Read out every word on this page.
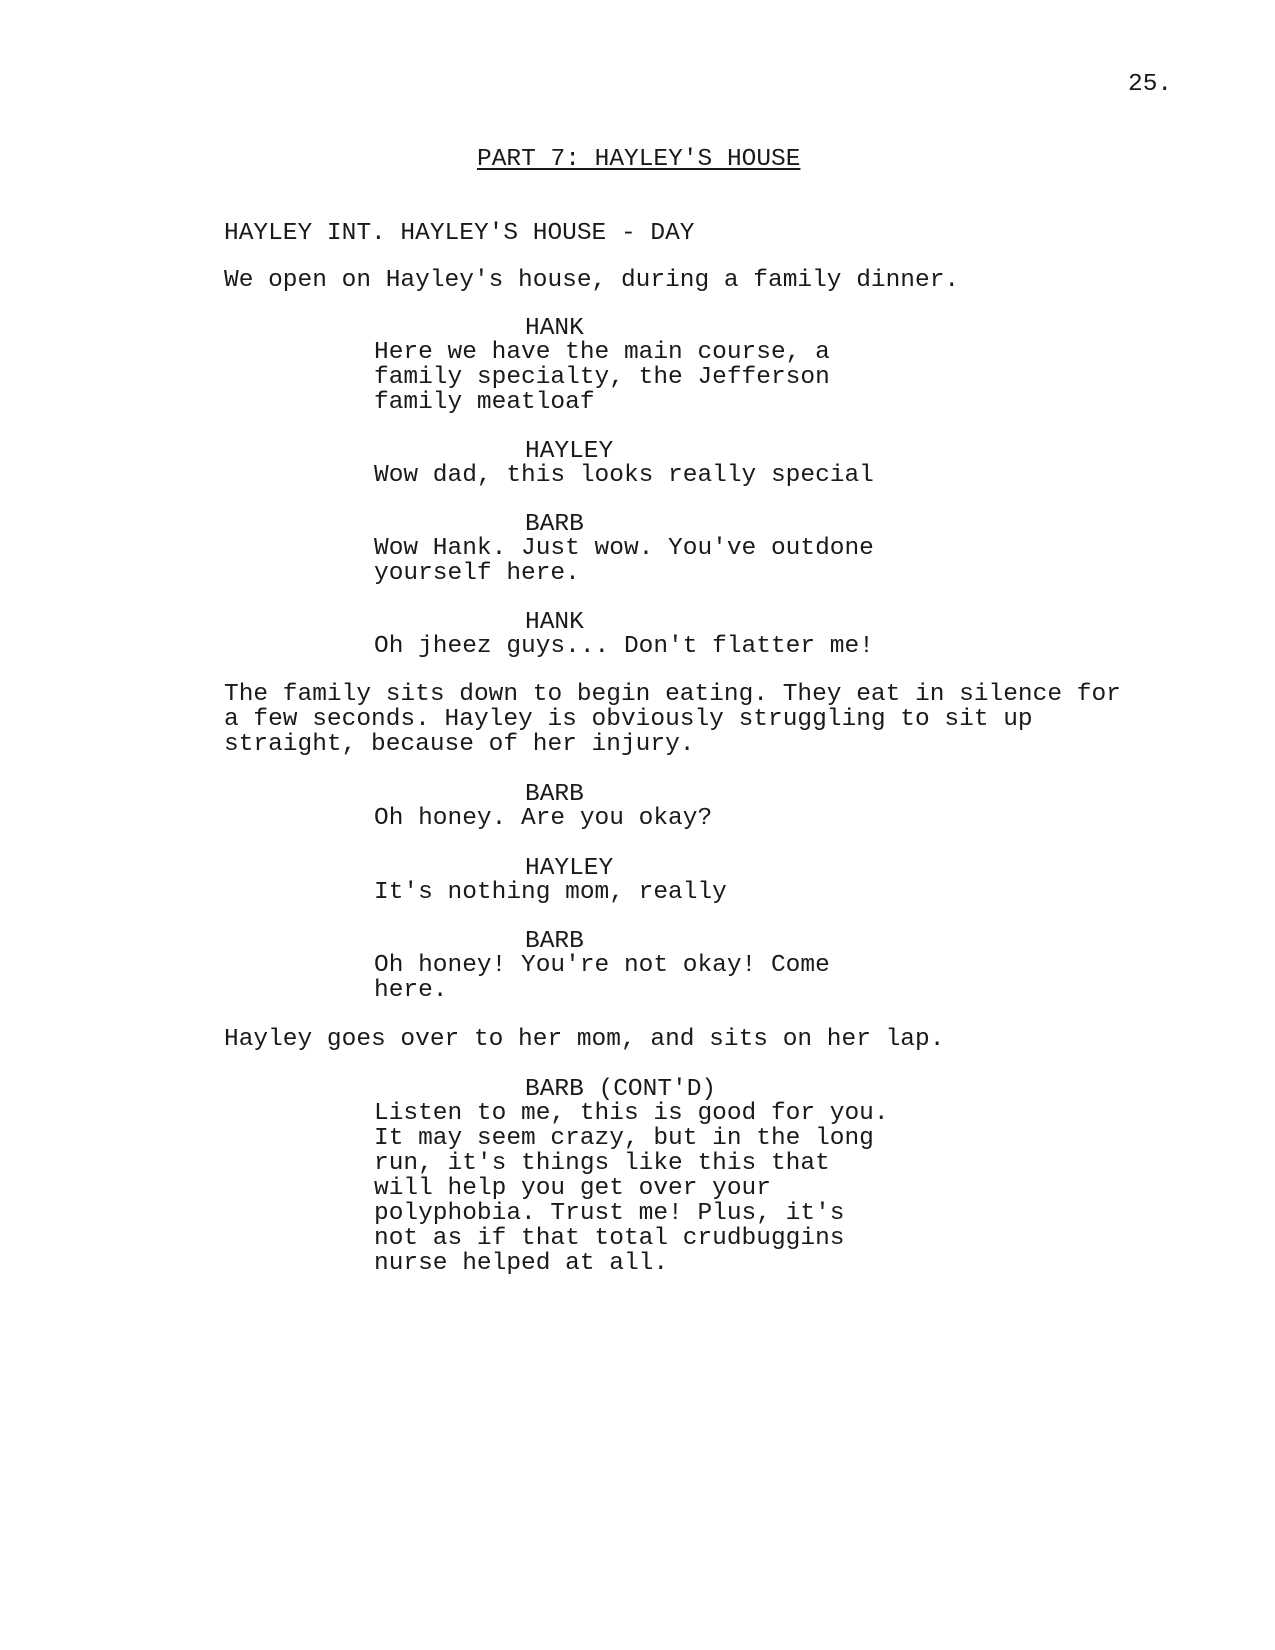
25.
PART 7: HAYLEY'S HOUSE
HAYLEY INT. HAYLEY'S HOUSE - DAY
We open on Hayley's house, during a family dinner.
HANK
Here we have the main course, a
family specialty, the Jefferson
family meatloaf
HAYLEY
Wow dad, this looks really special
BARB
Wow Hank. Just wow. You've outdone
yourself here.
HANK
Oh jheez guys... Don't flatter me!
The family sits down to begin eating. They eat in silence for
a few seconds. Hayley is obviously struggling to sit up
straight, because of her injury.
BARB
Oh honey. Are you okay?
HAYLEY
It's nothing mom, really
BARB
Oh honey! You're not okay! Come
here.
Hayley goes over to her mom, and sits on her lap.
BARB (CONT'D)
Listen to me, this is good for you.
It may seem crazy, but in the long
run, it's things like this that
will help you get over your
polyphobia. Trust me! Plus, it's
not as if that total crudbuggins
nurse helped at all.
